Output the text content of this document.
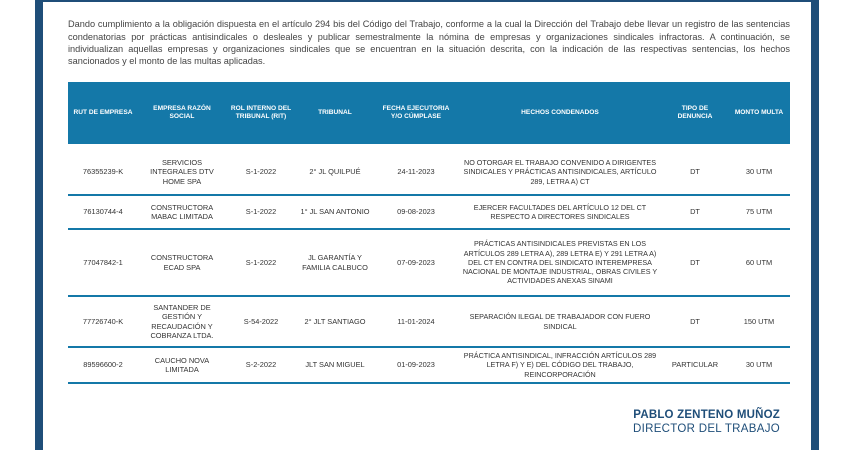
Dando cumplimiento a la obligación dispuesta en el artículo 294 bis del Código del Trabajo, conforme a la cual la Dirección del Trabajo debe llevar un registro de las sentencias condenatorias por prácticas antisindicales o desleales y publicar semestralmente la nómina de empresas y organizaciones sindicales infractoras. A continuación, se individualizan aquellas empresas y organizaciones sindicales que se encuentran en la situación descrita, con la indicación de las respectivas sentencias, los hechos sancionados y el monto de las multas aplicadas.

RUT DE EMPRESA	EMPRESA RAZÓN SOCIAL	ROL INTERNO DEL TRIBUNAL (RIT)	TRIBUNAL	FECHA EJECUTORIA Y/O CÚMPLASE	HECHOS CONDENADOS	TIPO DE DENUNCIA	MONTO MULTA
76355239-K	SERVICIOS INTEGRALES DTV HOME SPA	S-1-2022	2° JL QUILPUÉ	24-11-2023	NO OTORGAR EL TRABAJO CONVENIDO A DIRIGENTES SINDICALES Y PRÁCTICAS ANTISINDICALES, ARTÍCULO 289, LETRA A) CT	DT	30 UTM
76130744-4	CONSTRUCTORA MABAC LIMITADA	S-1-2022	1° JL SAN ANTONIO	09-08-2023	EJERCER FACULTADES DEL ARTÍCULO 12 DEL CT RESPECTO A DIRECTORES SINDICALES	DT	75 UTM
77047842-1	CONSTRUCTORA ECAD SPA	S-1-2022	JL GARANTÍA Y FAMILIA CALBUCO	07-09-2023	PRÁCTICAS ANTISINDICALES PREVISTAS EN LOS ARTÍCULOS 289 LETRA A), 289 LETRA E) Y 291 LETRA A) DEL CT EN CONTRA DEL SINDICATO INTEREMPRESA NACIONAL DE MONTAJE INDUSTRIAL, OBRAS CIVILES Y ACTIVIDADES ANEXAS SINAMI	DT	60 UTM
77726740-K	SANTANDER DE GESTIÓN Y RECAUDACIÓN Y COBRANZA LTDA.	S-54-2022	2° JLT SANTIAGO	11-01-2024	SEPARACIÓN ILEGAL DE TRABAJADOR CON FUERO SINDICAL	DT	150 UTM
89596600-2	CAUCHO NOVA LIMITADA	S-2-2022	JLT SAN MIGUEL	01-09-2023	PRÁCTICA ANTISINDICAL, INFRACCIÓN ARTÍCULOS 289 LETRA F) Y E) DEL CÓDIGO DEL TRABAJO, REINCORPORACIÓN	PARTICULAR	30 UTM
PABLO ZENTENO MUÑOZ
DIRECTOR DEL TRABAJO
